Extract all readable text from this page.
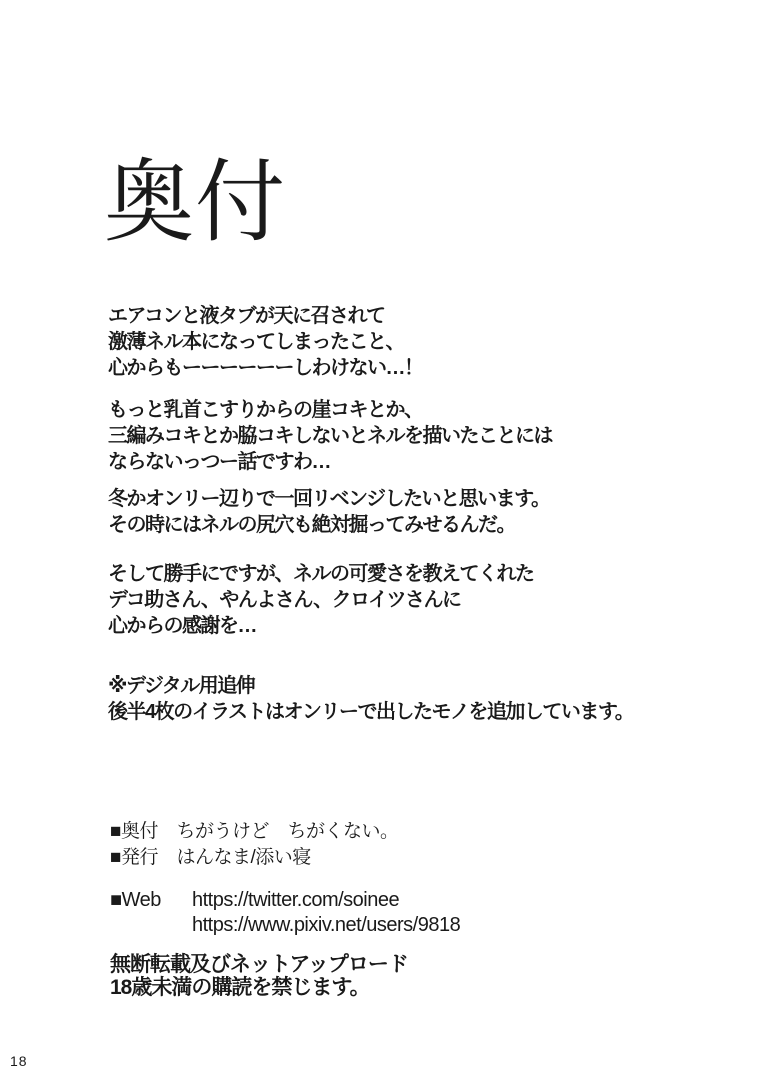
奥付
エアコンと液タブが天に召されて
激薄ネル本になってしまったこと、
心からもーーーーーーしわけない…！
もっと乳首こすりからの崖コキとか、
三編みコキとか脇コキしないとネルを描いたことには
ならないっつー話ですわ…
冬かオンリー辺りで一回リベンジしたいと思います。
その時にはネルの尻穴も絶対掘ってみせるんだ。
そして勝手にですが、ネルの可愛さを教えてくれた
デコ助さん、やんよさん、クロイツさんに
心からの感謝を…
※デジタル用追伸
後半4枚のイラストはオンリーで出したモノを追加しています。
■奥付　ちがうけど　ちがくない。
■発行　はんなま/添い寝
■Web https://twitter.com/soinee
https://www.pixiv.net/users/9818
無断転載及びネットアップロード
18歳未満の購読を禁じます。
18
